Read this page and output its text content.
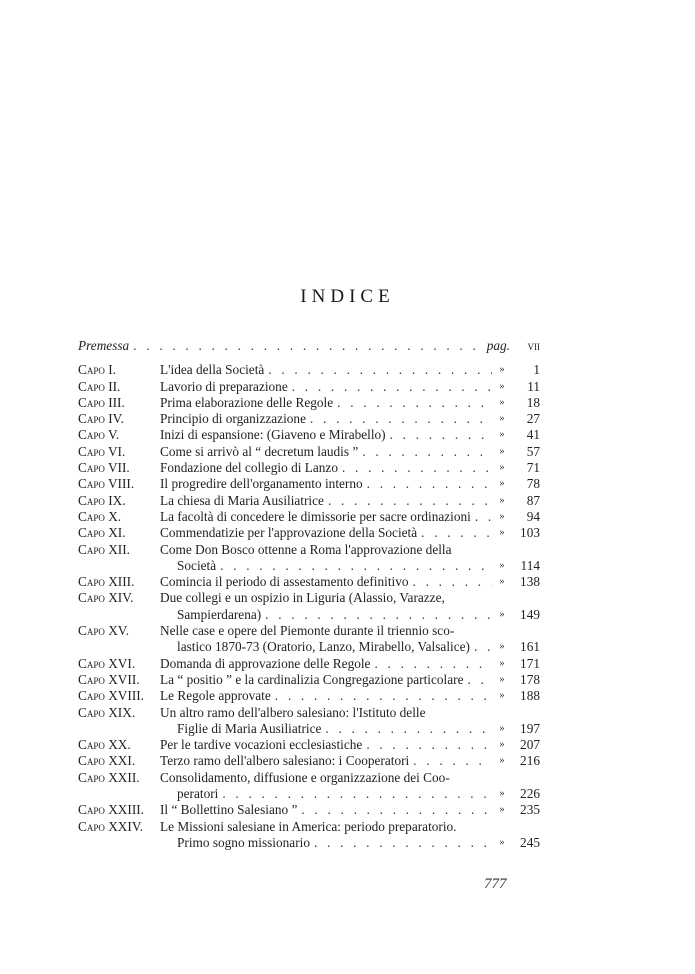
INDICE
Premessa . . .	pag.	vii
Capo I.	L'idea della Società . . .	»	1
Capo II.	Lavorio di preparazione . . .	»	11
Capo III.	Prima elaborazione delle Regole . . .	»	18
Capo IV.	Principio di organizzazione . . .	»	27
Capo V.	Inizi di espansione: (Giaveno e Mirabello) . . .	»	41
Capo VI.	Come si arrivò al “ decretum laudis ” . . .	»	57
Capo VII.	Fondazione del collegio di Lanzo . . .	»	71
Capo VIII.	Il progredire dell'organamento interno . . .	»	78
Capo IX.	La chiesa di Maria Ausiliatrice . . .	»	87
Capo X.	La facoltà di concedere le dimissorie per sacre ordinazioni . . .	»	94
Capo XI.	Commendatizie per l'approvazione della Società . . .	»	103
Capo XII.	Come Don Bosco ottenne a Roma l'approvazione della
Società . . .	»	114
Capo XIII.	Comincia il periodo di assestamento definitivo . . .	»	138
Capo XIV.	Due collegi e un ospizio in Liguria (Alassio, Varazze,
Sampierdarena) . . .	»	149
Capo XV.	Nelle case e opere del Piemonte durante il triennio sco-
lastico 1870-73 (Oratorio, Lanzo, Mirabello, Valsalice) . . .	»	161
Capo XVI.	Domanda di approvazione delle Regole . . .	»	171
Capo XVII.	La “ positio ” e la cardinalizia Congregazione particolare . . .	»	178
Capo XVIII.	Le Regole approvate . . .	»	188
Capo XIX.	Un altro ramo dell'albero salesiano: l'Istituto delle
Figlie di Maria Ausiliatrice . . .	»	197
Capo XX.	Per le tardive vocazioni ecclesiastiche . . .	»	207
Capo XXI.	Terzo ramo dell'albero salesiano: i Cooperatori . . .	»	216
Capo XXII.	Consolidamento, diffusione e organizzazione dei Coo-
peratori . . .	»	226
Capo XXIII.	Il “ Bollettino Salesiano ” . . .	»	235
Capo XXIV.	Le Missioni salesiane in America: periodo preparatorio.
Primo sogno missionario . . .	»	245
777
